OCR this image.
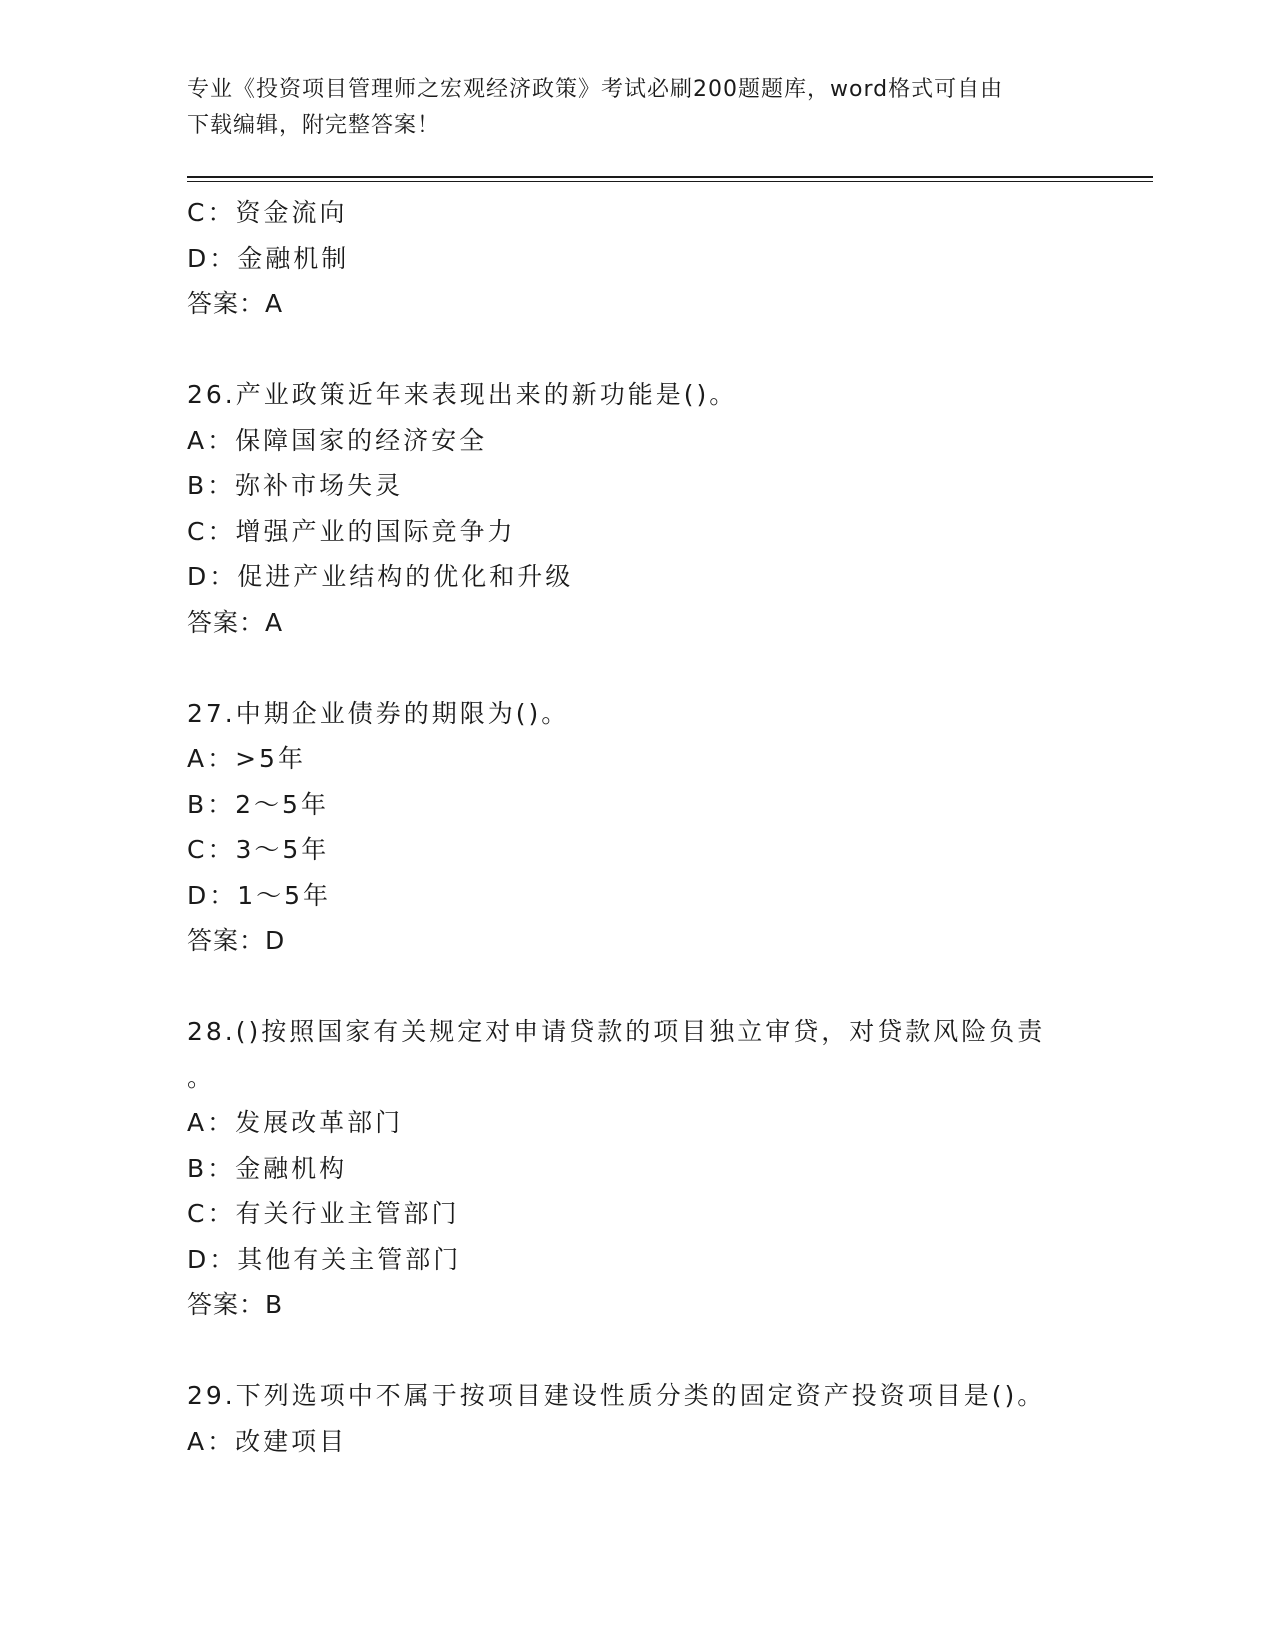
专业《投资项目管理师之宏观经济政策》考试必刷200题题库，word格式可自由
下载编辑，附完整答案！
C：资金流向
D：金融机制
答案：A
26.产业政策近年来表现出来的新功能是()。
A：保障国家的经济安全
B：弥补市场失灵
C：增强产业的国际竞争力
D：促进产业结构的优化和升级
答案：A
27.中期企业债券的期限为()。
A：>5年
B：2～5年
C：3～5年
D：1～5年
答案：D
28.()按照国家有关规定对申请贷款的项目独立审贷，对贷款风险负责
。
A：发展改革部门
B：金融机构
C：有关行业主管部门
D：其他有关主管部门
答案：B
29.下列选项中不属于按项目建设性质分类的固定资产投资项目是()。
A：改建项目
